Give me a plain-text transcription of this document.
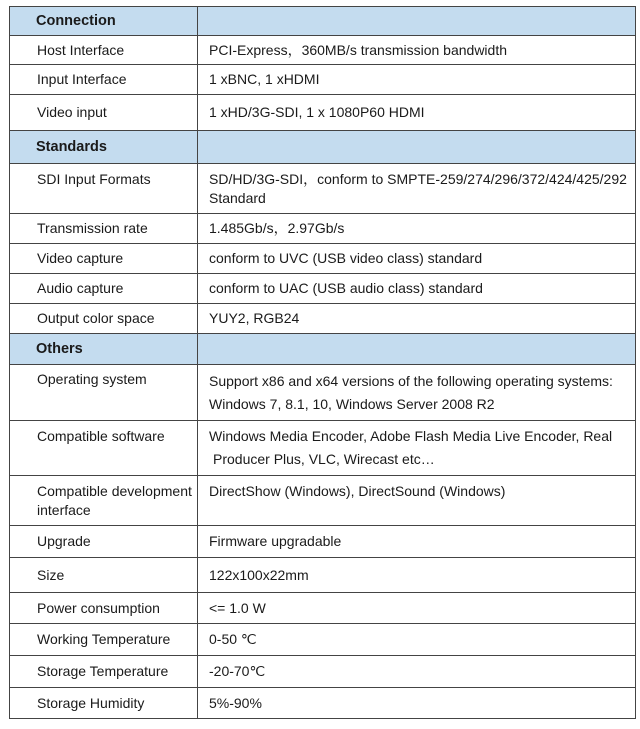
Connection	
Host Interface	PCI-Express，360MB/s transmission bandwidth
Input Interface	1 xBNC, 1 xHDMI
Video input	1 xHD/3G-SDI, 1 x 1080P60 HDMI
Standards	
SDI Input Formats	SD/HD/3G-SDI，conform to SMPTE-259/274/296/372/424/425/292
Standard

Transmission rate	1.485Gb/s，2.97Gb/s
Video capture	conform to UVC (USB video class) standard
Audio capture	conform to UAC (USB audio class) standard
Output color space	YUY2, RGB24
Others	
Operating system	Support x86 and x64 versions of the following operating systems:
Windows 7, 8.1, 10, Windows Server 2008 R2

Compatible software	Windows Media Encoder, Adobe Flash Media Live Encoder, Real
Producer Plus, VLC, Wirecast etc…

Compatible development
interface	DirectShow (Windows), DirectSound (Windows)
Upgrade	Firmware upgradable
Size	122x100x22mm
Power consumption	<= 1.0 W
Working Temperature	0-50 ℃
Storage Temperature	-20-70℃
Storage Humidity	5%-90%
